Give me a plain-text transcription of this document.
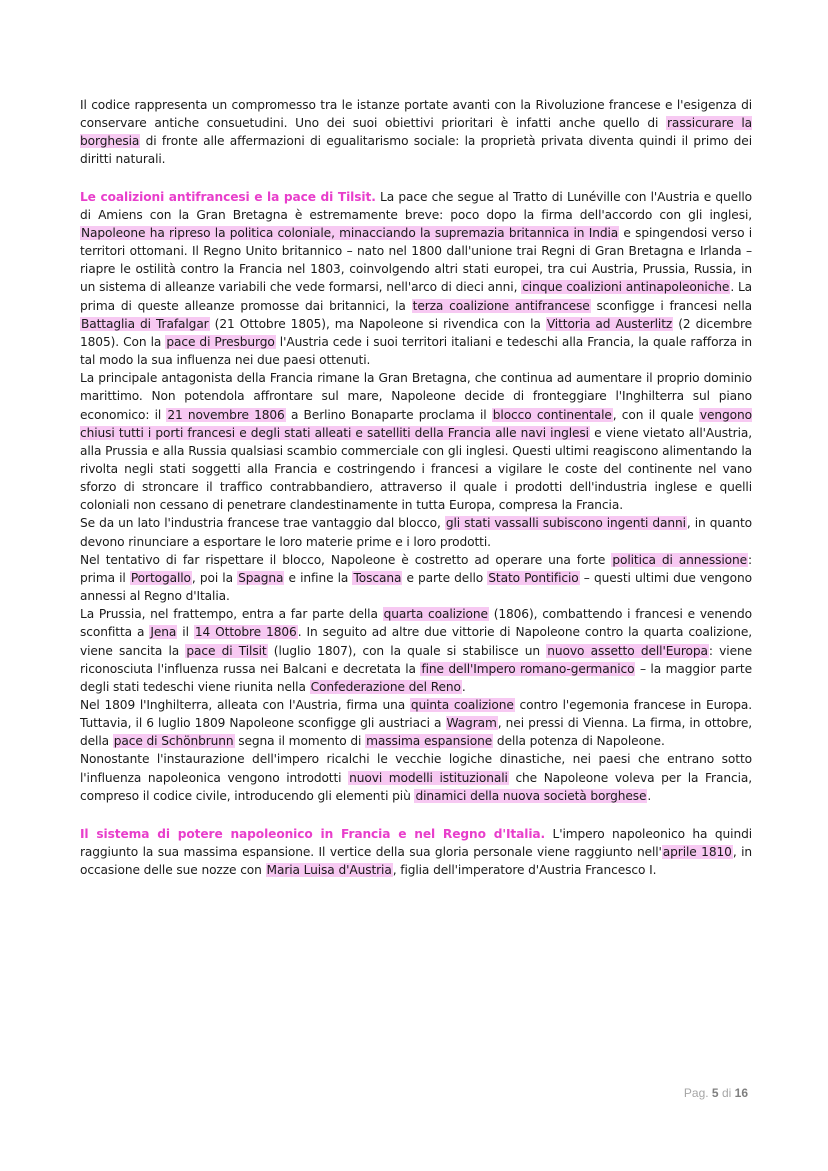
Il codice rappresenta un compromesso tra le istanze portate avanti con la Rivoluzione francese e l'esigenza di conservare antiche consuetudini. Uno dei suoi obiettivi prioritari è infatti anche quello di rassicurare la borghesia di fronte alle affermazioni di egualitarismo sociale: la proprietà privata diventa quindi il primo dei diritti naturali.

Le coalizioni antifrancesi e la pace di Tilsit. La pace che segue al Tratto di Lunéville con l'Austria e quello di Amiens con la Gran Bretagna è estremamente breve: poco dopo la firma dell'accordo con gli inglesi, Napoleone ha ripreso la politica coloniale, minacciando la supremazia britannica in India e spingendosi verso i territori ottomani. Il Regno Unito britannico – nato nel 1800 dall'unione trai Regni di Gran Bretagna e Irlanda – riapre le ostilità contro la Francia nel 1803, coinvolgendo altri stati europei, tra cui Austria, Prussia, Russia, in un sistema di alleanze variabili che vede formarsi, nell'arco di dieci anni, cinque coalizioni antinapoleoniche. La prima di queste alleanze promosse dai britannici, la terza coalizione antifrancese sconfigge i francesi nella Battaglia di Trafalgar (21 Ottobre 1805), ma Napoleone si rivendica con la Vittoria ad Austerlitz (2 dicembre 1805). Con la pace di Presburgo l'Austria cede i suoi territori italiani e tedeschi alla Francia, la quale rafforza in tal modo la sua influenza nei due paesi ottenuti.

La principale antagonista della Francia rimane la Gran Bretagna, che continua ad aumentare il proprio dominio marittimo. Non potendola affrontare sul mare, Napoleone decide di fronteggiare l'Inghilterra sul piano economico: il 21 novembre 1806 a Berlino Bonaparte proclama il blocco continentale, con il quale vengono chiusi tutti i porti francesi e degli stati alleati e satelliti della Francia alle navi inglesi e viene vietato all'Austria, alla Prussia e alla Russia qualsiasi scambio commerciale con gli inglesi. Questi ultimi reagiscono alimentando la rivolta negli stati soggetti alla Francia e costringendo i francesi a vigilare le coste del continente nel vano sforzo di stroncare il traffico contrabbandiero, attraverso il quale i prodotti dell'industria inglese e quelli coloniali non cessano di penetrare clandestinamente in tutta Europa, compresa la Francia.

Se da un lato l'industria francese trae vantaggio dal blocco, gli stati vassalli subiscono ingenti danni, in quanto devono rinunciare a esportare le loro materie prime e i loro prodotti.

Nel tentativo di far rispettare il blocco, Napoleone è costretto ad operare una forte politica di annessione: prima il Portogallo, poi la Spagna e infine la Toscana e parte dello Stato Pontificio – questi ultimi due vengono annessi al Regno d'Italia.

La Prussia, nel frattempo, entra a far parte della quarta coalizione (1806), combattendo i francesi e venendo sconfitta a Jena il 14 Ottobre 1806. In seguito ad altre due vittorie di Napoleone contro la quarta coalizione, viene sancita la pace di Tilsit (luglio 1807), con la quale si stabilisce un nuovo assetto dell'Europa: viene riconosciuta l'influenza russa nei Balcani e decretata la fine dell'Impero romano-germanico – la maggior parte degli stati tedeschi viene riunita nella Confederazione del Reno.

Nel 1809 l'Inghilterra, alleata con l'Austria, firma una quinta coalizione contro l'egemonia francese in Europa. Tuttavia, il 6 luglio 1809 Napoleone sconfigge gli austriaci a Wagram, nei pressi di Vienna. La firma, in ottobre, della pace di Schönbrunn segna il momento di massima espansione della potenza di Napoleone.

Nonostante l'instaurazione dell'impero ricalchi le vecchie logiche dinastiche, nei paesi che entrano sotto l'influenza napoleonica vengono introdotti nuovi modelli istituzionali che Napoleone voleva per la Francia, compreso il codice civile, introducendo gli elementi più dinamici della nuova società borghese.

Il sistema di potere napoleonico in Francia e nel Regno d'Italia. L'impero napoleonico ha quindi raggiunto la sua massima espansione. Il vertice della sua gloria personale viene raggiunto nell'aprile 1810, in occasione delle sue nozze con Maria Luisa d'Austria, figlia dell'imperatore d'Austria Francesco I.

Pag. 5 di 16
